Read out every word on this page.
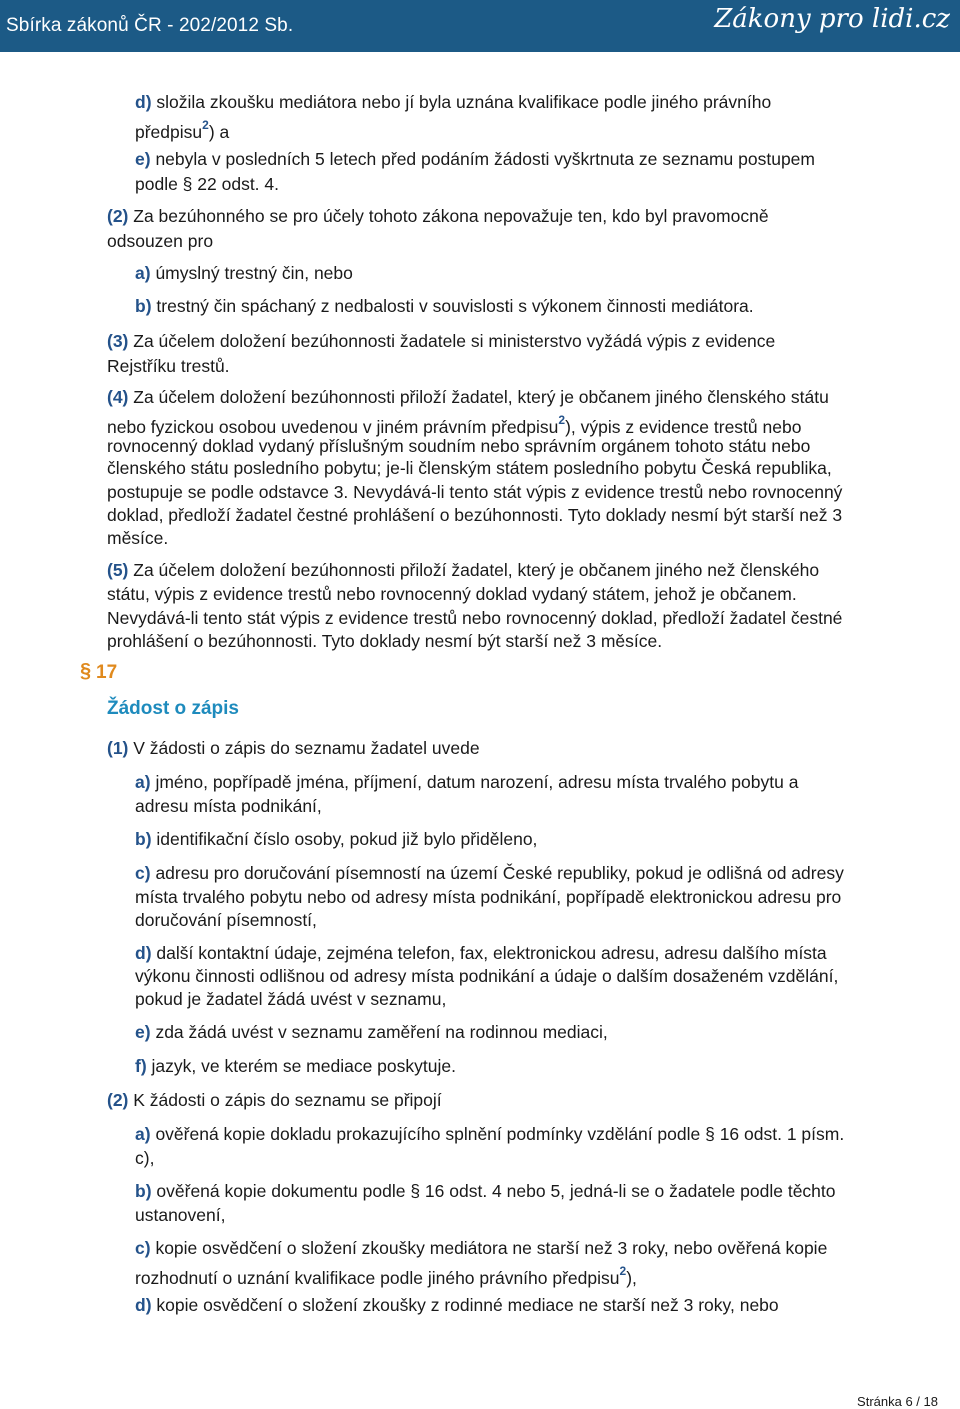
Sbírka zákonů ČR - 202/2012 Sb.	Zákony pro lidi.cz
d) složila zkoušku mediátora nebo jí byla uznána kvalifikace podle jiného právního
předpisu$^2$) a
e) nebyla v posledních 5 letech před podáním žádosti vyškrtnuta ze seznamu postupem
podle § 22 odst. 4.
(2) Za bezúhonného se pro účely tohoto zákona nepovažuje ten, kdo byl pravomocně
odsouzen pro
a) úmyslný trestný čin, nebo
b) trestný čin spáchaný z nedbalosti v souvislosti s výkonem činnosti mediátora.
(3) Za účelem doložení bezúhonnosti žadatele si ministerstvo vyžádá výpis z evidence
Rejstříku trestů.
(4) Za účelem doložení bezúhonnosti přiloží žadatel, který je občanem jiného členského státu
nebo fyzickou osobou uvedenou v jiném právním předpisu$^2$), výpis z evidence trestů nebo
rovnocenný doklad vydaný příslušným soudním nebo správním orgánem tohoto státu nebo
členského státu posledního pobytu; je-li členským státem posledního pobytu Česká republika,
postupuje se podle odstavce 3. Nevydává-li tento stát výpis z evidence trestů nebo rovnocenný
doklad, předloží žadatel čestné prohlášení o bezúhonnosti. Tyto doklady nesmí být starší než 3
měsíce.
(5) Za účelem doložení bezúhonnosti přiloží žadatel, který je občanem jiného než členského
státu, výpis z evidence trestů nebo rovnocenný doklad vydaný státem, jehož je občanem.
Nevydává-li tento stát výpis z evidence trestů nebo rovnocenný doklad, předloží žadatel čestné
prohlášení o bezúhonnosti. Tyto doklady nesmí být starší než 3 měsíce.
§ 17
Žádost o zápis
(1) V žádosti o zápis do seznamu žadatel uvede
a) jméno, popřípadě jména, příjmení, datum narození, adresu místa trvalého pobytu a
adresu místa podnikání,
b) identifikační číslo osoby, pokud již bylo přiděleno,
c) adresu pro doručování písemností na území České republiky, pokud je odlišná od adresy
místa trvalého pobytu nebo od adresy místa podnikání, popřípadě elektronickou adresu pro
doručování písemností,
d) další kontaktní údaje, zejména telefon, fax, elektronickou adresu, adresu dalšího místa
výkonu činnosti odlišnou od adresy místa podnikání a údaje o dalším dosaženém vzdělání,
pokud je žadatel žádá uvést v seznamu,
e) zda žádá uvést v seznamu zaměření na rodinnou mediaci,
f) jazyk, ve kterém se mediace poskytuje.
(2) K žádosti o zápis do seznamu se připojí
a) ověřená kopie dokladu prokazujícího splnění podmínky vzdělání podle § 16 odst. 1 písm.
c),
b) ověřená kopie dokumentu podle § 16 odst. 4 nebo 5, jedná-li se o žadatele podle těchto
ustanovení,
c) kopie osvědčení o složení zkoušky mediátora ne starší než 3 roky, nebo ověřená kopie
rozhodnutí o uznání kvalifikace podle jiného právního předpisu$^2$),
d) kopie osvědčení o složení zkoušky z rodinné mediace ne starší než 3 roky, nebo
Stránka 6 / 18
